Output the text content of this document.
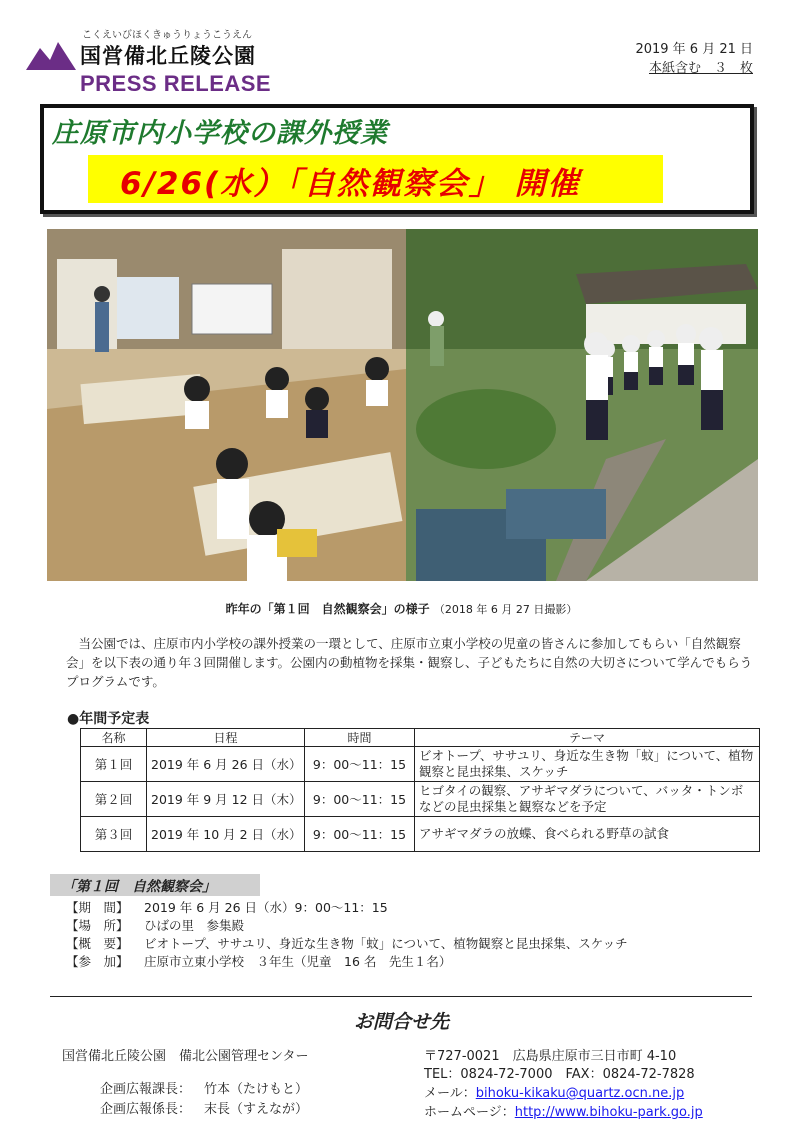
こくえいびほくきゅうりょうこうえん
国営備北丘陵公園
PRESS RELEASE
2019 年 6 月 21 日
本紙含む　３　枚
庄原市内小学校の課外授業
6/26(水）「自然観察会」 開催
昨年の「第１回　自然観察会」の様子 （2018 年 6 月 27 日撮影）
当公園では、庄原市内小学校の課外授業の一環として、庄原市立東小学校の児童の皆さんに参加してもらい「自然観察会」を以下表の通り年３回開催します。公園内の動植物を採集・観察し、子どもたちに自然の大切さについて学んでもらうプログラムです。
●年間予定表
名称	日程	時間	テーマ
第１回	2019 年 6 月 26 日（水）	9：00～11：15	ビオトープ、ササユリ、身近な生き物「蚊」について、植物観察と昆虫採集、スケッチ
第２回	2019 年 9 月 12 日（木）	9：00～11：15	ヒゴタイの観察、アサギマダラについて、バッタ・トンボなどの昆虫採集と観察などを予定
第３回	2019 年 10 月 2 日（水）	9：00～11：15	アサギマダラの放蝶、食べられる野草の試食
「第１回　自然観察会」
【期　間】 2019 年 6 月 26 日（水）9：00～11：15
【場　所】 ひばの里　参集殿
【概　要】 ビオトープ、ササユリ、身近な生き物「蚊」について、植物観察と昆虫採集、スケッチ
【参　加】 庄原市立東小学校　３年生（児童　16 名　先生１名）
お問合せ先
国営備北丘陵公園　備北公園管理センター
企画広報課長： 竹本（たけもと）
企画広報係長： 末長（すえなが）
〒727-0021　広島県庄原市三日市町 4-10
TEL：0824-72-7000　FAX：0824-72-7828
メール：bihoku-kikaku@quartz.ocn.ne.jp
ホームページ：http://www.bihoku-park.go.jp
